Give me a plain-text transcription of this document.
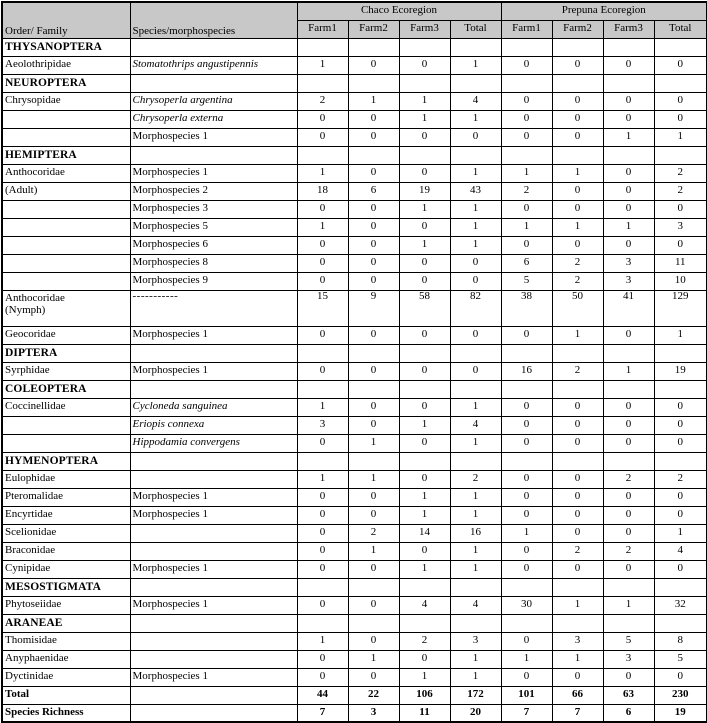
Order/ Family	Species/morphospecies	Chaco Ecoregion				Prepuna Ecoregion			
		Farm1	Farm2	Farm3	Total	Farm1	Farm2	Farm3	Total
THYSANOPTERA									
Aeolothripidae	Stomatothrips angustipennis	1	0	0	1	0	0	0	0
NEUROPTERA									
Chrysopidae	Chrysoperla argentina	2	1	1	4	0	0	0	0
	Chrysoperla externa	0	0	1	1	0	0	0	0
	Morphospecies 1	0	0	0	0	0	0	1	1
HEMIPTERA									
Anthocoridae	Morphospecies 1	1	0	0	1	1	1	0	2
(Adult)	Morphospecies 2	18	6	19	43	2	0	0	2
	Morphospecies 3	0	0	1	1	0	0	0	0
	Morphospecies 5	1	0	0	1	1	1	1	3
	Morphospecies 6	0	0	1	1	0	0	0	0
	Morphospecies 8	0	0	0	0	6	2	3	11
	Morphospecies 9	0	0	0	0	5	2	3	10
Anthocoridae
(Nymph)	-----------	15	9	58	82	38	50	41	129
Geocoridae	Morphospecies 1	0	0	0	0	0	1	0	1
DIPTERA									
Syrphidae	Morphospecies 1	0	0	0	0	16	2	1	19
COLEOPTERA									
Coccinellidae	Cycloneda sanguinea	1	0	0	1	0	0	0	0
	Eriopis connexa	3	0	1	4	0	0	0	0
	Hippodamia convergens	0	1	0	1	0	0	0	0
HYMENOPTERA									
Eulophidae		1	1	0	2	0	0	2	2
Pteromalidae	Morphospecies 1	0	0	1	1	0	0	0	0
Encyrtidae	Morphospecies 1	0	0	1	1	0	0	0	0
Scelionidae		0	2	14	16	1	0	0	1
Braconidae		0	1	0	1	0	2	2	4
Cynipidae	Morphospecies 1	0	0	1	1	0	0	0	0
MESOSTIGMATA									
Phytoseiidae	Morphospecies 1	0	0	4	4	30	1	1	32
ARANEAE									
Thomisidae		1	0	2	3	0	3	5	8
Anyphaenidae		0	1	0	1	1	1	3	5
Dyctinidae	Morphospecies 1	0	0	1	1	0	0	0	0
Total		44	22	106	172	101	66	63	230
Species Richness		7	3	11	20	7	7	6	19
